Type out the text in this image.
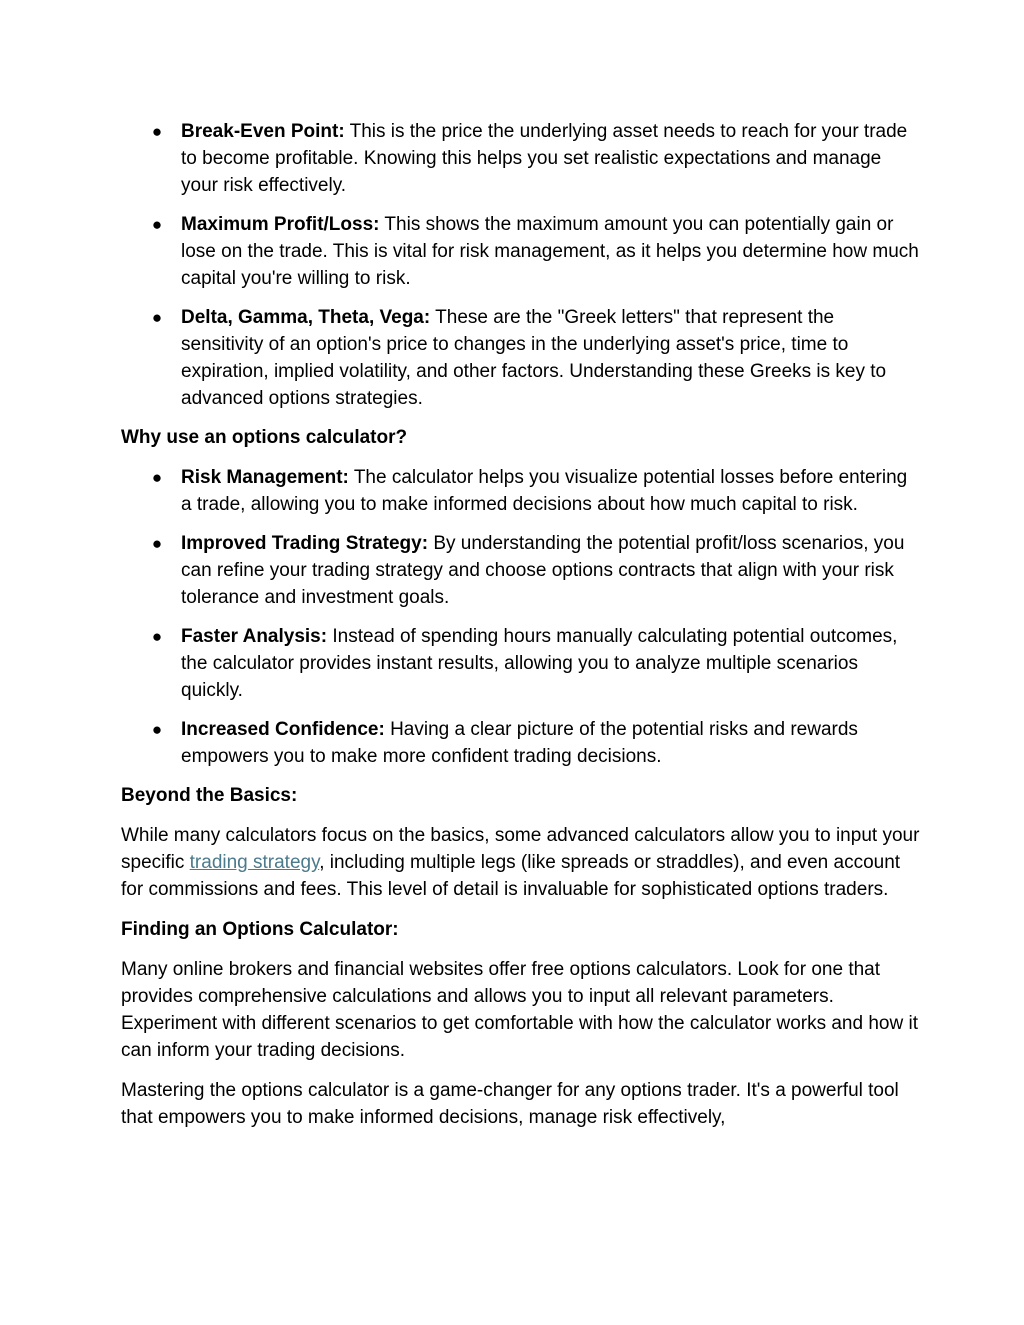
● Break-Even Point: This is the price the underlying asset needs to reach for your trade to become profitable. Knowing this helps you set realistic expectations and manage your risk effectively.
● Maximum Profit/Loss: This shows the maximum amount you can potentially gain or lose on the trade. This is vital for risk management, as it helps you determine how much capital you're willing to risk.
● Delta, Gamma, Theta, Vega: These are the "Greek letters" that represent the sensitivity of an option's price to changes in the underlying asset's price, time to expiration, implied volatility, and other factors. Understanding these Greeks is key to advanced options strategies.
Why use an options calculator?
● Risk Management: The calculator helps you visualize potential losses before entering a trade, allowing you to make informed decisions about how much capital to risk.
● Improved Trading Strategy: By understanding the potential profit/loss scenarios, you can refine your trading strategy and choose options contracts that align with your risk tolerance and investment goals.
● Faster Analysis: Instead of spending hours manually calculating potential outcomes, the calculator provides instant results, allowing you to analyze multiple scenarios quickly.
● Increased Confidence: Having a clear picture of the potential risks and rewards empowers you to make more confident trading decisions.
Beyond the Basics:

While many calculators focus on the basics, some advanced calculators allow you to input your specific trading strategy, including multiple legs (like spreads or straddles), and even account for commissions and fees. This level of detail is invaluable for sophisticated options traders.

Finding an Options Calculator:

Many online brokers and financial websites offer free options calculators. Look for one that provides comprehensive calculations and allows you to input all relevant parameters. Experiment with different scenarios to get comfortable with how the calculator works and how it can inform your trading decisions.

Mastering the options calculator is a game-changer for any options trader. It's a powerful tool that empowers you to make informed decisions, manage risk effectively,
